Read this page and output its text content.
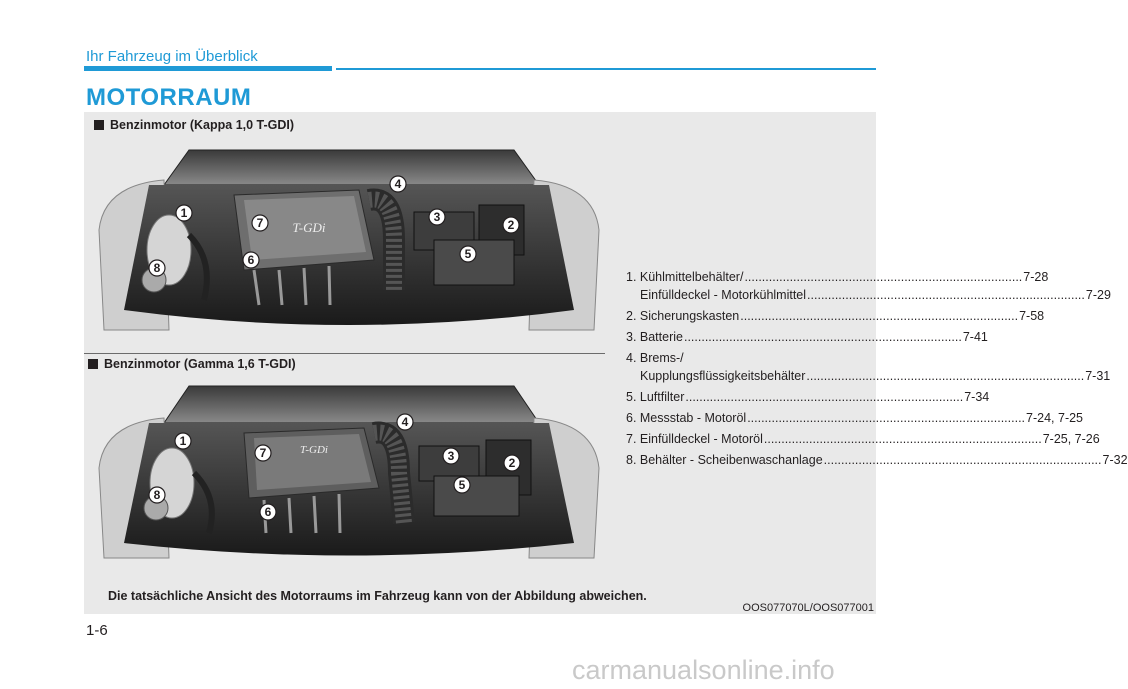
Ihr Fahrzeug im Überblick
MOTORRAUM
Benzinmotor (Kappa 1,0 T-GDI)
T-GDi
1
2
3
4
5
6
7
8
Benzinmotor (Gamma 1,6 T-GDI)
T-GDi
1
2
3
4
5
6
7
8
1. Kühlmittelbehälter/ ................................................................................ 7-28
Einfülldeckel - Motorkühlmittel ................................................................................ 7-29
2. Sicherungskasten ................................................................................ 7-58
3. Batterie ................................................................................ 7-41
4. Brems-/
Kupplungsflüssigkeitsbehälter ................................................................................ 7-31
5. Luftfilter ................................................................................ 7-34
6. Messstab - Motoröl ................................................................................ 7-24, 7-25
7. Einfülldeckel - Motoröl ................................................................................ 7-25, 7-26
8. Behälter - Scheibenwaschanlage ................................................................................ 7-32
Die tatsächliche Ansicht des Motorraums im Fahrzeug kann von der Abbildung abweichen.
OOS077070L/OOS077001
1-6
carmanualsonline.info
